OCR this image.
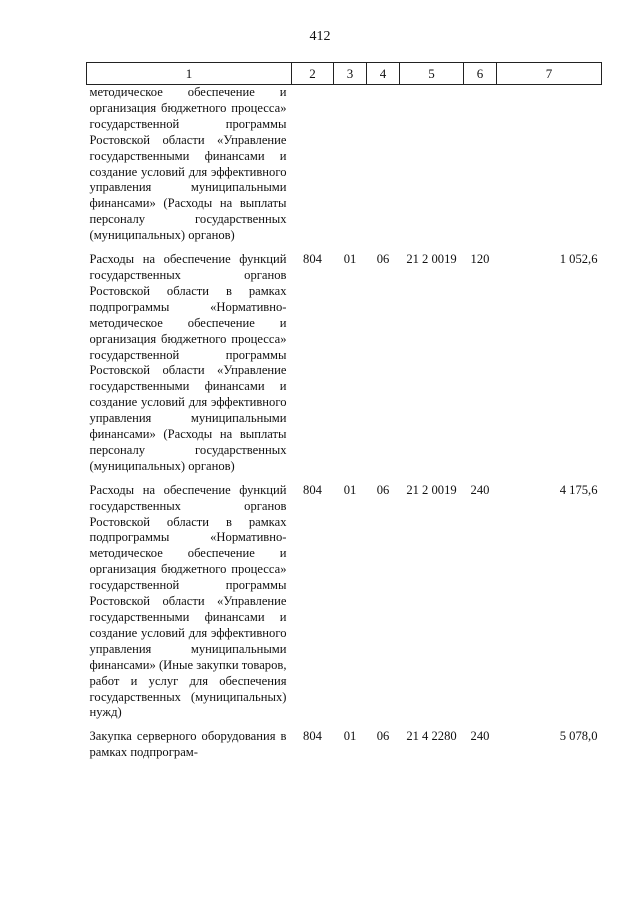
412
1	2	3	4	5	6	7
методическое обеспечение и организация бюджетного процесса» государственной программы Ростовской области «Управление государственными финансами и создание условий для эффективного управления муниципальными финансами» (Расходы на выплаты персоналу государственных (муниципальных) органов)						
Расходы на обеспечение функций государственных органов Ростовской области в рамках подпрограммы «Нормативно-методическое обеспечение и организация бюджетного процесса» государственной программы Ростовской области «Управление государственными финансами и создание условий для эффективного управления муниципальными финансами» (Расходы на выплаты персоналу государственных (муниципальных) органов)	804	01	06	21 2 0019	120	1 052,6
Расходы на обеспечение функций государственных органов Ростовской области в рамках подпрограммы «Нормативно-методическое обеспечение и организация бюджетного процесса» государственной программы Ростовской области «Управление государственными финансами и создание условий для эффективного управления муниципальными финансами» (Иные закупки товаров, работ и услуг для обеспечения государственных (муниципальных) нужд)	804	01	06	21 2 0019	240	4 175,6
Закупка серверного оборудования в рамках подпрограм-	804	01	06	21 4 2280	240	5 078,0
